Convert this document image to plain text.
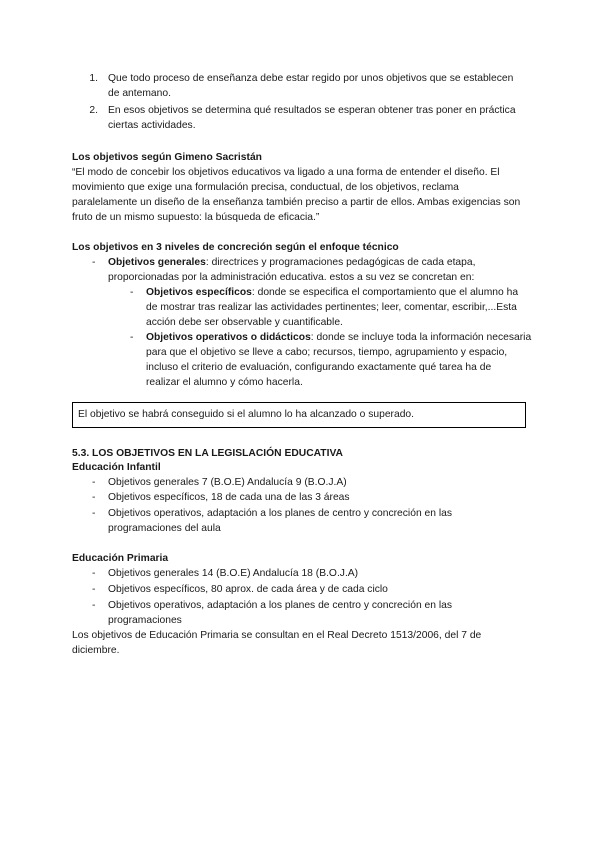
1. Que todo proceso de enseñanza debe estar regido por unos objetivos que se establecen
de antemano.
2. En esos objetivos se determina qué resultados se esperan obtener tras poner en práctica
ciertas actividades.
Los objetivos según Gimeno Sacristán
“El modo de concebir los objetivos educativos va ligado a una forma de entender el diseño. El
movimiento que exige una formulación precisa, conductual, de los objetivos, reclama
paralelamente un diseño de la enseñanza también preciso a partir de ellos. Ambas exigencias son
fruto de un mismo supuesto: la búsqueda de eficacia.”
Los objetivos en 3 niveles de concreción según el enfoque técnico
-	Objetivos generales: directrices y programaciones pedagógicas de cada etapa,
proporcionadas por la administración educativa. estos a su vez se concretan en:
-	Objetivos específicos: donde se especifica el comportamiento que el alumno ha
de mostrar tras realizar las actividades pertinentes; leer, comentar, escribir,...Esta
acción debe ser observable y cuantificable.
-	Objetivos operativos o didácticos: donde se incluye toda la información necesaria
para que el objetivo se lleve a cabo; recursos, tiempo, agrupamiento y espacio,
incluso el criterio de evaluación, configurando exactamente qué tarea ha de
realizar el alumno y cómo hacerla.
El objetivo se habrá conseguido si el alumno lo ha alcanzado o superado.
5.3. LOS OBJETIVOS EN LA LEGISLACIÓN EDUCATIVA
Educación Infantil
-	Objetivos generales 7 (B.O.E) Andalucía 9 (B.O.J.A)
-	Objetivos específicos, 18 de cada una de las 3 áreas
-	Objetivos operativos, adaptación a los planes de centro y concreción en las
programaciones del aula
Educación Primaria
-	Objetivos generales 14 (B.O.E) Andalucía 18 (B.O.J.A)
-	Objetivos específicos, 80 aprox. de cada área y de cada ciclo
-	Objetivos operativos, adaptación a los planes de centro y concreción en las
programaciones
Los objetivos de Educación Primaria se consultan en el Real Decreto 1513/2006, del 7 de
diciembre.
